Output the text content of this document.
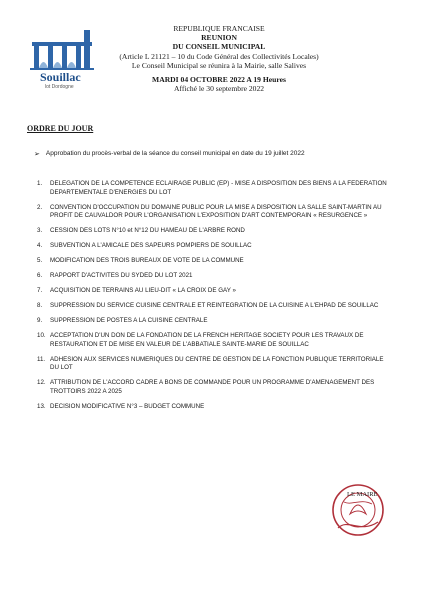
Souillac
lot Dordogne
REPUBLIQUE FRANCAISE
REUNION
DU CONSEIL MUNICIPAL
(Article L 21121 – 10 du Code Général des Collectivités Locales)
Le Conseil Municipal se réunira à la Mairie, salle Salives
MARDI 04 OCTOBRE 2022 A 19 Heures
Affiché le 30 septembre 2022
ORDRE DU JOUR
➢ Approbation du procès-verbal de la séance du conseil municipal en date du 19 juillet 2022
1.	DELEGATION DE LA COMPETENCE ECLAIRAGE PUBLIC (EP) - MISE A DISPOSITION DES BIENS A LA FEDERATION DEPARTEMENTALE D'ENERGIES DU LOT
2.	CONVENTION D'OCCUPATION DU DOMAINE PUBLIC POUR LA MISE A DISPOSITION LA SALLE SAINT-MARTIN AU PROFIT DE CAUVALDOR POUR L'ORGANISATION L'EXPOSITION D'ART CONTEMPORAIN « RESURGENCE »
3.	CESSION DES LOTS N°10 et N°12 DU HAMEAU DE L'ARBRE ROND
4.	SUBVENTION A L'AMICALE DES SAPEURS POMPIERS DE SOUILLAC
5.	MODIFICATION DES TROIS BUREAUX DE VOTE DE LA COMMUNE
6.	RAPPORT D'ACTIVITES DU SYDED DU LOT 2021
7.	ACQUISITION DE TERRAINS AU LIEU-DIT « LA CROIX DE GAY »
8.	SUPPRESSION DU SERVICE CUISINE CENTRALE ET REINTEGRATION DE LA CUISINE A L'EHPAD DE SOUILLAC
9.	SUPPRESSION DE POSTES A LA CUISINE CENTRALE
10. ACCEPTATION D'UN DON DE LA FONDATION DE LA FRENCH HERITAGE SOCIETY POUR LES TRAVAUX DE RESTAURATION ET DE MISE EN VALEUR DE L'ABBATIALE SAINTE-MARIE DE SOUILLAC
11. ADHESION AUX SERVICES NUMERIQUES DU CENTRE DE GESTION DE LA FONCTION PUBLIQUE TERRITORIALE DU LOT
12. ATTRIBUTION DE L'ACCORD CADRE A BONS DE COMMANDE POUR UN PROGRAMME D'AMENAGEMENT DES TROTTOIRS 2022 A 2025
13. DECISION MODIFICATIVE N°3 – BUDGET COMMUNE
LE MAIRE
